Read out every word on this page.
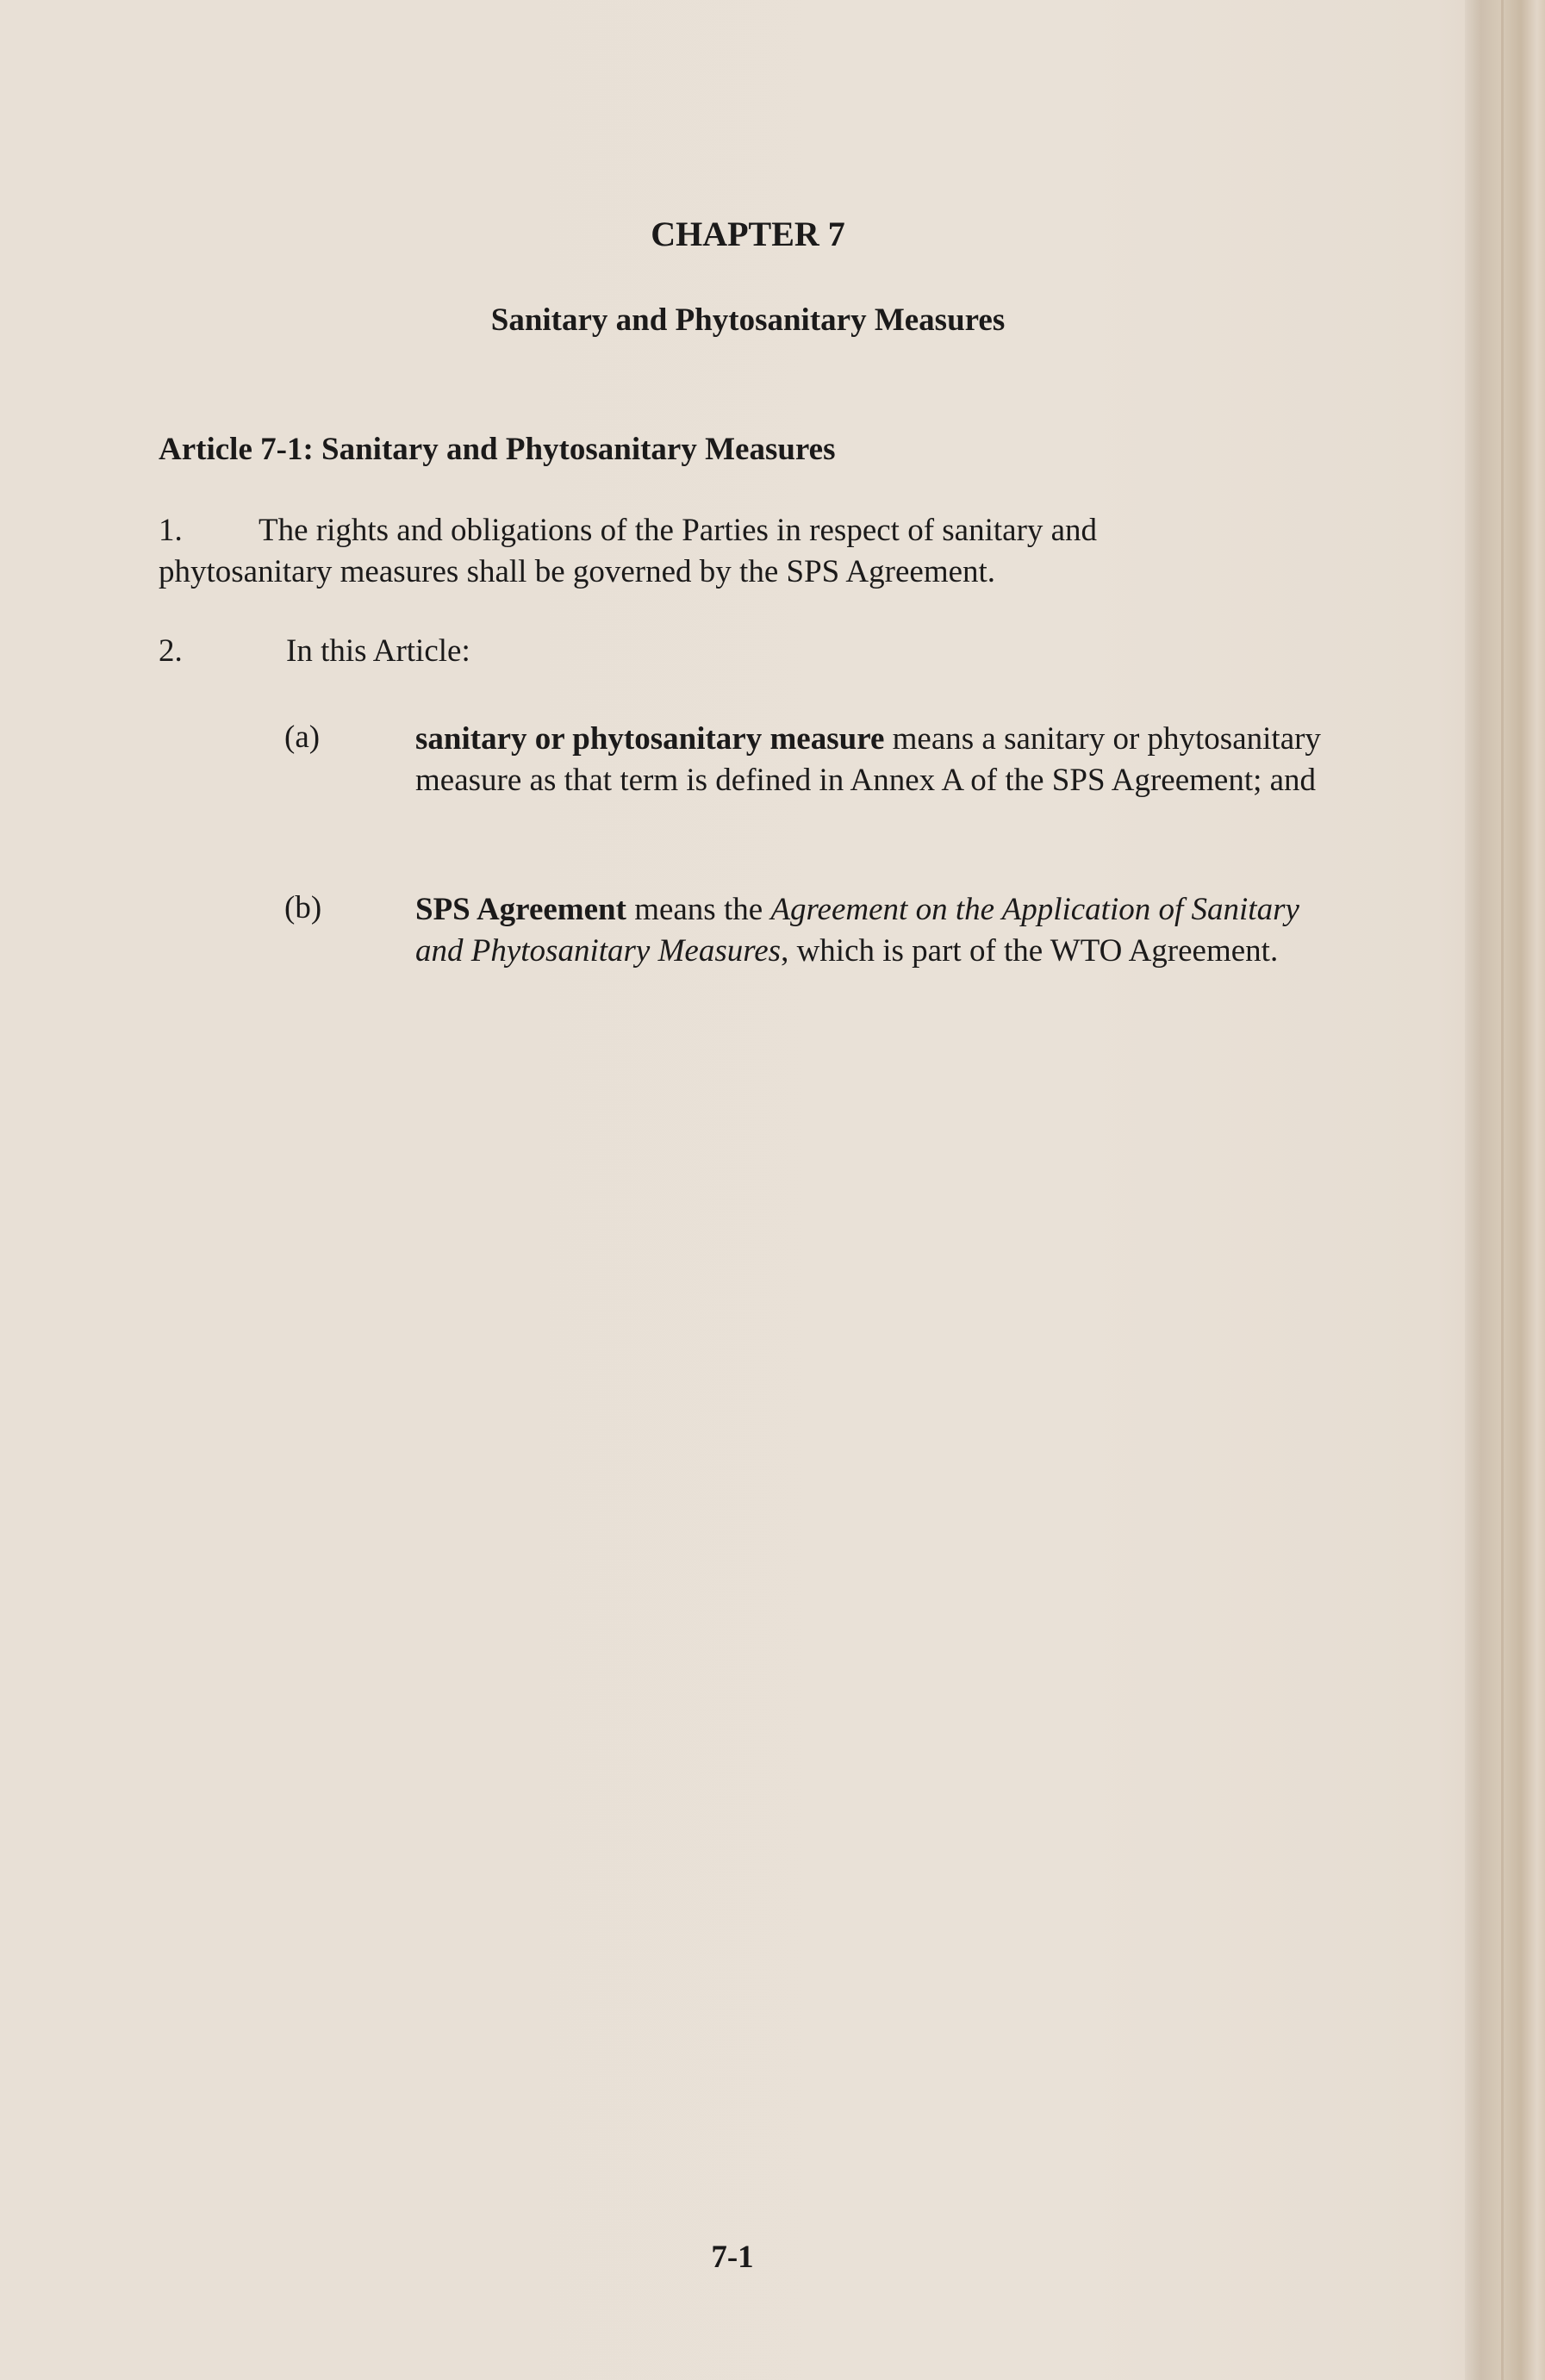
CHAPTER 7
Sanitary and Phytosanitary Measures
Article 7-1: Sanitary and Phytosanitary Measures
1. The rights and obligations of the Parties in respect of sanitary and
phytosanitary measures shall be governed by the SPS Agreement.
2.	In this Article:
(a)	sanitary or phytosanitary measure means a sanitary or phytosanitary measure as that term is defined in Annex A of the SPS Agreement; and
(b)	SPS Agreement means the Agreement on the Application of Sanitary and Phytosanitary Measures, which is part of the WTO Agreement.
7-1
